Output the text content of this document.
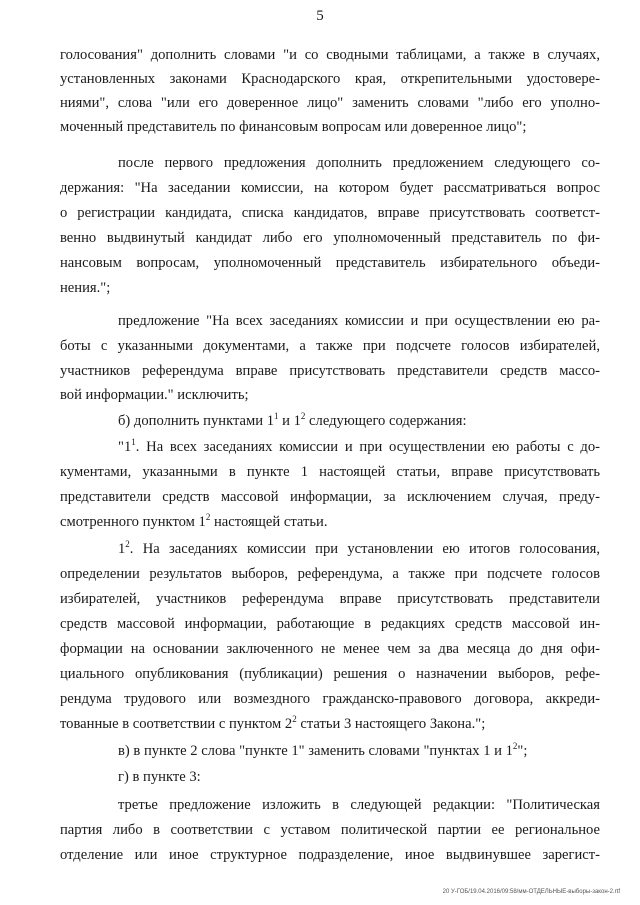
5
голосования" дополнить словами "и со сводными таблицами, а также в случаях,
установленных законами Краснодарского края, открепительными удостовере-
ниями", слова "или его доверенное лицо" заменить словами "либо его уполно-
моченный представитель по финансовым вопросам или доверенное лицо";
после первого предложения дополнить предложением следующего со-
держания: "На заседании комиссии, на котором будет рассматриваться вопрос
о регистрации кандидата, списка кандидатов, вправе присутствовать соответст-
венно выдвинутый кандидат либо его уполномоченный представитель по фи-
нансовым вопросам, уполномоченный представитель избирательного объеди-
нения.";
предложение "На всех заседаниях комиссии и при осуществлении ею ра-
боты с указанными документами, а также при подсчете голосов избирателей,
участников референдума вправе присутствовать представители средств массо-
вой информации." исключить;
б) дополнить пунктами $1^1$ и $1^2$ следующего содержания:
"$1^1$. На всех заседаниях комиссии и при осуществлении ею работы с до-
кументами, указанными в пункте 1 настоящей статьи, вправе присутствовать
представители средств массовой информации, за исключением случая, преду-
смотренного пунктом $1^2$ настоящей статьи.
$1^2$. На заседаниях комиссии при установлении ею итогов голосования,
определении результатов выборов, референдума, а также при подсчете голосов
избирателей, участников референдума вправе присутствовать представители
средств массовой информации, работающие в редакциях средств массовой ин-
формации на основании заключенного не менее чем за два месяца до дня офи-
циального опубликования (публикации) решения о назначении выборов, рефе-
рендума трудового или возмездного гражданско-правового договора, аккреди-
тованные в соответствии с пунктом $2^2$ статьи 3 настоящего Закона.";
в) в пункте 2 слова "пункте 1" заменить словами "пунктах 1 и $1^2$";
г) в пункте 3:
третье предложение изложить в следующей редакции: "Политическая
партия либо в соответствии с уставом политической партии ее региональное
отделение или иное структурное подразделение, иное выдвинувшее зарегист-
20 У-ГОБ/19.04.2016/09:58/мм-ОТДЕЛЬНЫЕ-выборы-закон-2.rtf
